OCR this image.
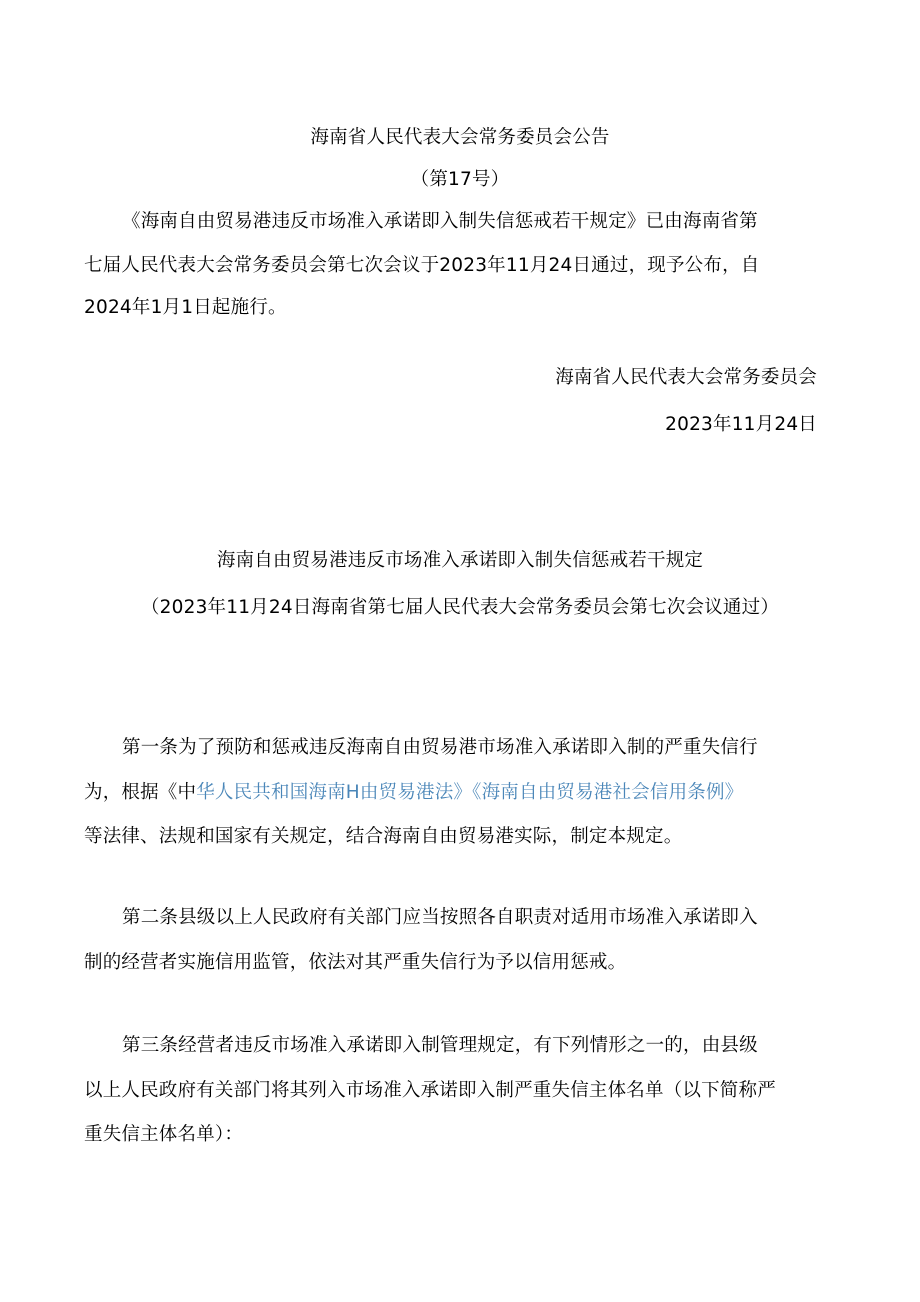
海南省人民代表大会常务委员会公告
（第17号）
《海南自由贸易港违反市场准入承诺即入制失信惩戒若干规定》已由海南省第
七届人民代表大会常务委员会第七次会议于2023年11月24日通过，现予公布，自
2024年1月1日起施行。
海南省人民代表大会常务委员会
2023年11月24日
海南自由贸易港违反市场准入承诺即入制失信惩戒若干规定
（2023年11月24日海南省第七届人民代表大会常务委员会第七次会议通过）
第一条为了预防和惩戒违反海南自由贸易港市场准入承诺即入制的严重失信行
为，根据《中华人民共和国海南H由贸易港法》《海南自由贸易港社会信用条例》
等法律、法规和国家有关规定，结合海南自由贸易港实际，制定本规定。
第二条县级以上人民政府有关部门应当按照各自职责对适用市场准入承诺即入
制的经营者实施信用监管，依法对其严重失信行为予以信用惩戒。
第三条经营者违反市场准入承诺即入制管理规定，有下列情形之一的，由县级
以上人民政府有关部门将其列入市场准入承诺即入制严重失信主体名单（以下简称严
重失信主体名单）：
